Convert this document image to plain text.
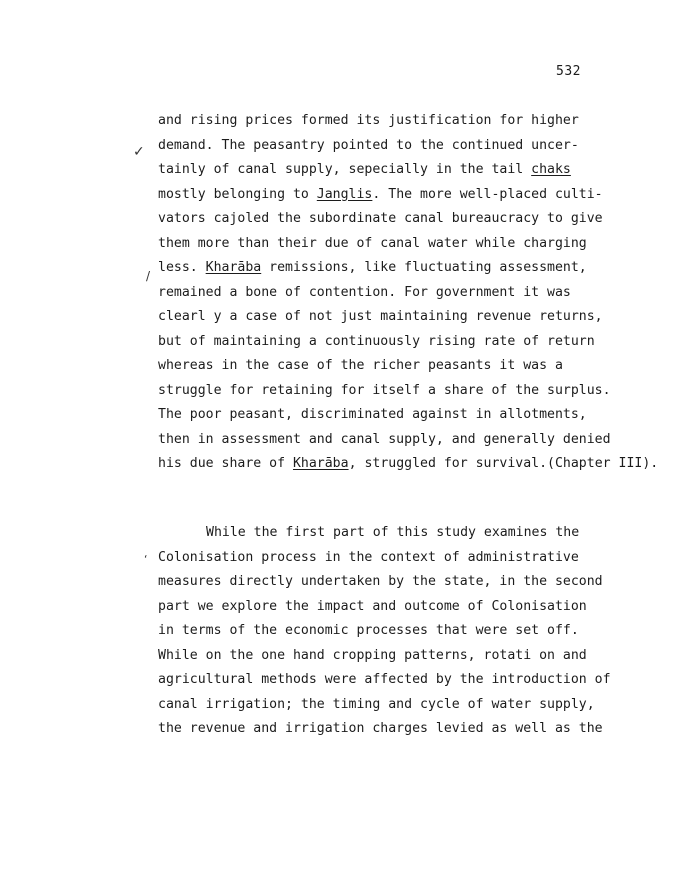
532
✓
/
‘
and rising prices formed its justification for higher
demand. The peasantry pointed to the continued uncer-
tainly of canal supply, sepecially in the tail chaks
mostly belonging to Janglis. The more well-placed culti-
vators cajoled the subordinate canal bureaucracy to give
them more than their due of canal water while charging
less. Kharāba remissions, like fluctuating assessment,
remained a bone of contention. For government it was
clearl y a case of not just maintaining revenue returns,
but of maintaining a continuously rising rate of return
whereas in the case of the richer peasants it was a
struggle for retaining for itself a share of the surplus.
The poor peasant, discriminated against in allotments,
then in assessment and canal supply, and generally denied
his due share of Kharāba, struggled for survival.(Chapter III).
While the first part of this study examines the
Colonisation process in the context of administrative
measures directly undertaken by the state, in the second
part we explore the impact and outcome of Colonisation
in terms of the economic processes that were set off.
While on the one hand cropping patterns, rotati on and
agricultural methods were affected by the introduction of
canal irrigation; the timing and cycle of water supply,
the revenue and irrigation charges levied as well as the
